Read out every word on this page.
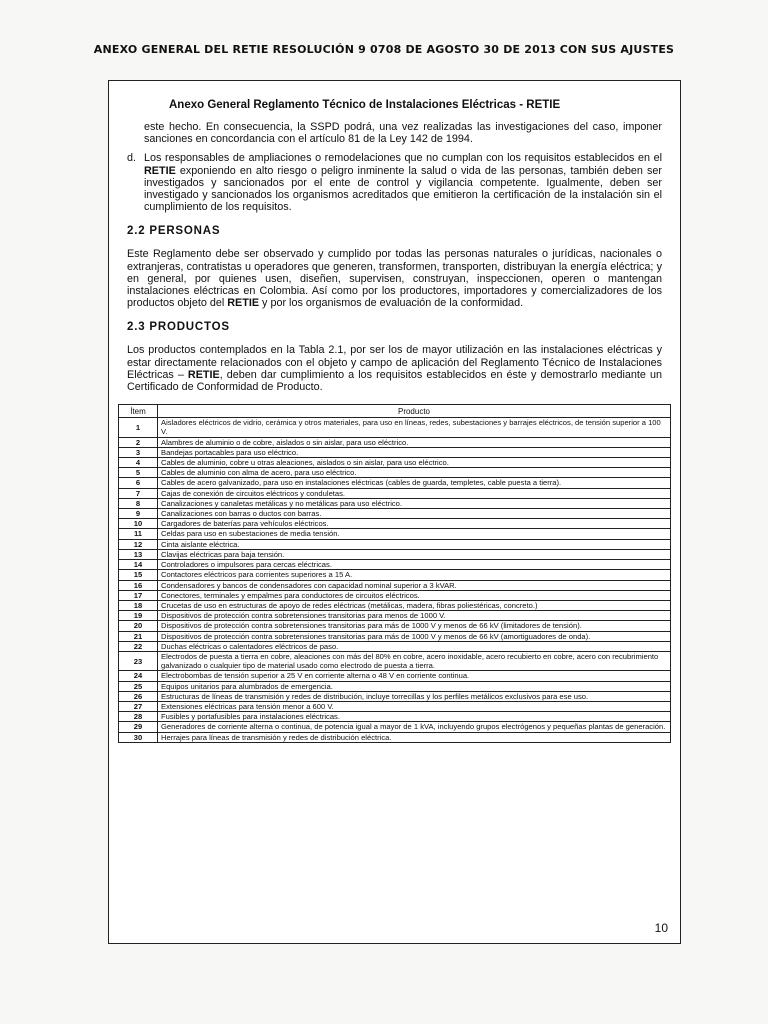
ANEXO GENERAL DEL RETIE RESOLUCIÓN 9 0708 DE AGOSTO 30 DE 2013 CON SUS AJUSTES
Anexo General Reglamento Técnico de Instalaciones Eléctricas - RETIE

este hecho. En consecuencia, la SSPD podrá, una vez realizadas las investigaciones del caso, imponer sanciones en concordancia con el artículo 81 de la Ley 142 de 1994.

d. Los responsables de ampliaciones o remodelaciones que no cumplan con los requisitos establecidos en el RETIE exponiendo en alto riesgo o peligro inminente la salud o vida de las personas, también deben ser investigados y sancionados por el ente de control y vigilancia competente. Igualmente, deben ser investigado y sancionados los organismos acreditados que emitieron la certificación de la instalación sin el cumplimiento de los requisitos.

2.2 PERSONAS

Este Reglamento debe ser observado y cumplido por todas las personas naturales o jurídicas, nacionales o extranjeras, contratistas u operadores que generen, transformen, transporten, distribuyan la energía eléctrica; y en general, por quienes usen, diseñen, supervisen, construyan, inspeccionen, operen o mantengan instalaciones eléctricas en Colombia. Así como por los productores, importadores y comercializadores de los productos objeto del RETIE y por los organismos de evaluación de la conformidad.

2.3 PRODUCTOS

Los productos contemplados en la Tabla 2.1, por ser los de mayor utilización en las instalaciones eléctricas y estar directamente relacionados con el objeto y campo de aplicación del Reglamento Técnico de Instalaciones Eléctricas – RETIE, deben dar cumplimiento a los requisitos establecidos en éste y demostrarlo mediante un Certificado de Conformidad de Producto.

Ítem	Producto
1	Aisladores eléctricos de vidrio, cerámica y otros materiales, para uso en líneas, redes, subestaciones y barrajes eléctricos, de tensión superior a 100 V.
2	Alambres de aluminio o de cobre, aislados o sin aislar, para uso eléctrico.
3	Bandejas portacables para uso eléctrico.
4	Cables de aluminio, cobre u otras aleaciones, aislados o sin aislar, para uso eléctrico.
5	Cables de aluminio con alma de acero, para uso eléctrico.
6	Cables de acero galvanizado, para uso en instalaciones eléctricas (cables de guarda, templetes, cable puesta a tierra).
7	Cajas de conexión de circuitos eléctricos y conduletas.
8	Canalizaciones y canaletas metálicas y no metálicas para uso eléctrico.
9	Canalizaciones con barras o ductos con barras.
10	Cargadores de baterías para vehículos eléctricos.
11	Celdas para uso en subestaciones de media tensión.
12	Cinta aislante eléctrica.
13	Clavijas eléctricas para baja tensión.
14	Controladores o impulsores para cercas eléctricas.
15	Contactores eléctricos para corrientes superiores a 15 A.
16	Condensadores y bancos de condensadores con capacidad nominal superior a 3 kVAR.
17	Conectores, terminales y empalmes para conductores de circuitos eléctricos.
18	Crucetas de uso en estructuras de apoyo de redes eléctricas (metálicas, madera, fibras poliestéricas, concreto.)
19	Dispositivos de protección contra sobretensiones transitorias para menos de 1000 V.
20	Dispositivos de protección contra sobretensiones transitorias para más de 1000 V y menos de 66 kV (limitadores de tensión).
21	Dispositivos de protección contra sobretensiones transitorias para más de 1000 V y menos de 66 kV (amortiguadores de onda).
22	Duchas eléctricas o calentadores eléctricos de paso.
23	Electrodos de puesta a tierra en cobre, aleaciones con más del 80% en cobre, acero inoxidable, acero recubierto en cobre, acero con recubrimiento galvanizado o cualquier tipo de material usado como electrodo de puesta a tierra.
24	Electrobombas de tensión superior a 25 V en corriente alterna o 48 V en corriente continua.
25	Equipos unitarios para alumbrados de emergencia.
26	Estructuras de líneas de transmisión y redes de distribución, incluye torrecillas y los perfiles metálicos exclusivos para ese uso.
27	Extensiones eléctricas para tensión menor a 600 V.
28	Fusibles y portafusibles para instalaciones eléctricas.
29	Generadores de corriente alterna o continua, de potencia igual a mayor de 1 kVA, incluyendo grupos electrógenos y pequeñas plantas de generación.
30	Herrajes para líneas de transmisión y redes de distribución eléctrica.
10
